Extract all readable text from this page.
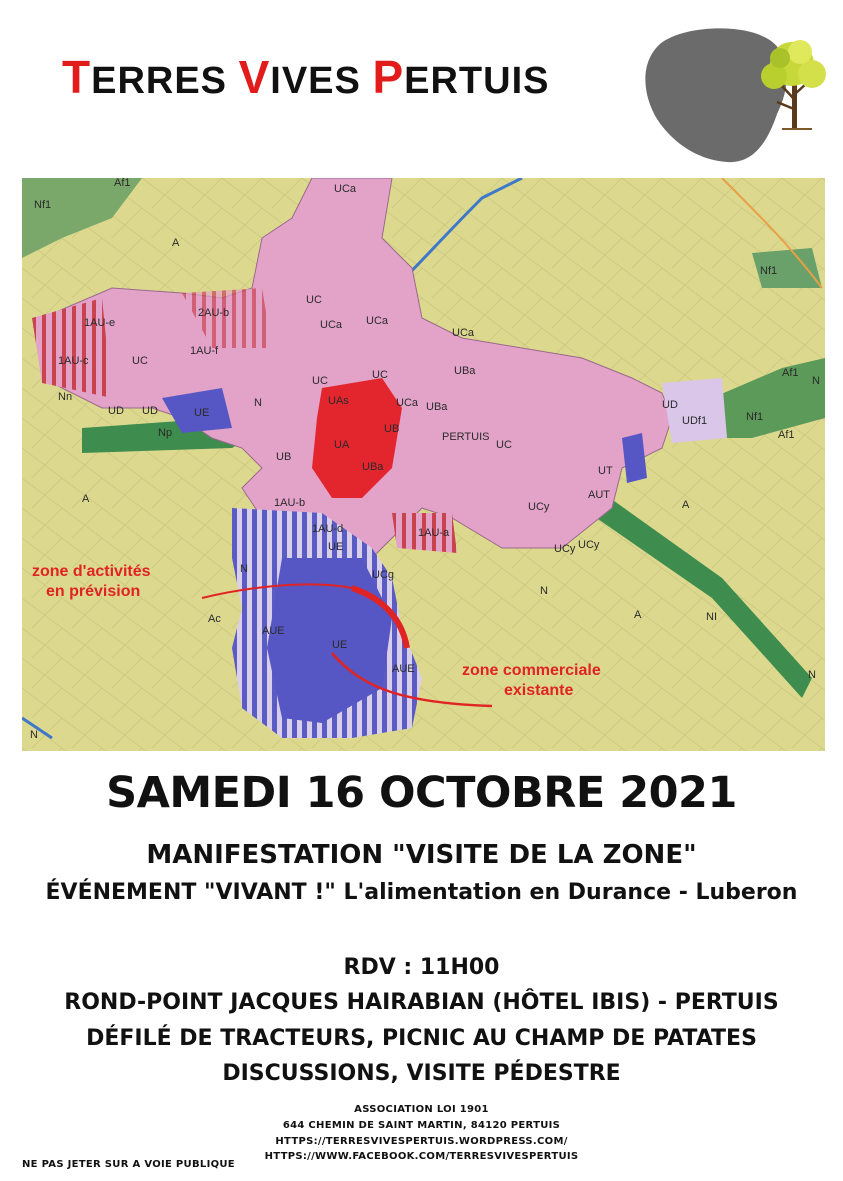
TERRES VIVES PERTUIS
Af1
Nf1
UCa
A
UC
UCa UCa
1AU-e
2AU-b
1AU-f
1AU-c	UC
UCa
UC	UC	UBa
Nn
UD UD	UE
Np
N	UAs	UCa UBa
UA
UB
UB
UBa
PERTUIS
UC
UD
UDf1
Nf1
Af1
Nf1
Af1
UT
AUT
UCy
UCy UCy
1AU-b
1AU-d	1AU-a
UE
UCg
Ac
AUE
UE
AUE
N
N
A	NI
N
A
N
N
A
zone d'activités
en prévision
zone commerciale
existante
SAMEDI 16 OCTOBRE 2021
MANIFESTATION "VISITE DE LA ZONE"
ÉVÉNEMENT "VIVANT !" L'alimentation en Durance - Luberon
RDV : 11H00
ROND-POINT JACQUES HAIRABIAN (HÔTEL IBIS) - PERTUIS
DÉFILÉ DE TRACTEURS, PICNIC AU CHAMP DE PATATES
DISCUSSIONS, VISITE PÉDESTRE
ASSOCIATION LOI 1901
644 CHEMIN DE SAINT MARTIN, 84120 PERTUIS
HTTPS://TERRESVIVESPERTUIS.WORDPRESS.COM/
HTTPS://WWW.FACEBOOK.COM/TERRESVIVESPERTUIS
NE PAS JETER SUR A VOIE PUBLIQUE
